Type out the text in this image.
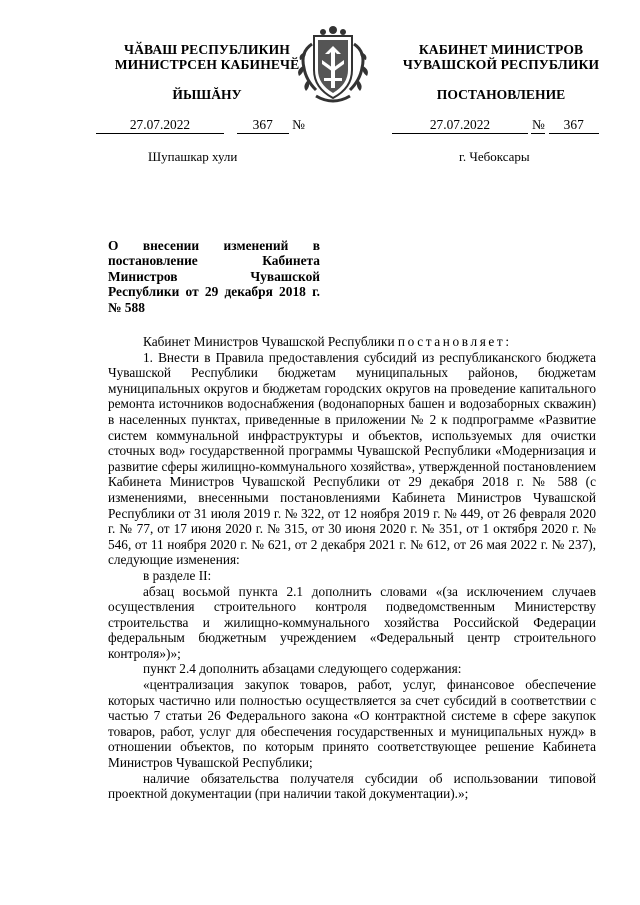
ЧӐВАШ РЕСПУБЛИКИН
МИНИСТРСЕН КАБИНЕЧӖ
ЙЫШĂНУ
КАБИНЕТ МИНИСТРОВ
ЧУВАШСКОЙ РЕСПУБЛИКИ
ПОСТАНОВЛЕНИЕ
27.07.2022	367 №	27.07.2022	№ 367
Шупашкар хули	г. Чебоксары
О внесении изменений в постановление Кабинета Министров Чувашской Республики от 29 декабря 2018 г. № 588

Кабинет Министров Чувашской Республики постановляет:

1. Внести в Правила предоставления субсидий из республиканского бюджета Чувашской Республики бюджетам муниципальных районов, бюджетам муниципальных округов и бюджетам городских округов на проведение капитального ремонта источников водоснабжения (водонапорных башен и водозаборных скважин) в населенных пунктах, приведенные в приложении № 2 к подпрограмме «Развитие систем коммунальной инфраструктуры и объектов, используемых для очистки сточных вод» государственной программы Чувашской Республики «Модернизация и развитие сферы жилищно-коммунального хозяйства», утвержденной постановлением Кабинета Министров Чувашской Республики от 29 декабря 2018 г. № 588 (с изменениями, внесенными постановлениями Кабинета Министров Чувашской Республики от 31 июля 2019 г. № 322, от 12 ноября 2019 г. № 449, от 26 февраля 2020 г. № 77, от 17 июня 2020 г. № 315, от 30 июня 2020 г. № 351, от 1 октября 2020 г. № 546, от 11 ноября 2020 г. № 621, от 2 декабря 2021 г. № 612, от 26 мая 2022 г. № 237), следующие изменения:

в разделе II:

абзац восьмой пункта 2.1 дополнить словами «(за исключением случаев осуществления строительного контроля подведомственным Министерству строительства и жилищно-коммунального хозяйства Российской Федерации федеральным бюджетным учреждением «Федеральный центр строительного контроля»)»;

пункт 2.4 дополнить абзацами следующего содержания:

«централизация закупок товаров, работ, услуг, финансовое обеспечение которых частично или полностью осуществляется за счет субсидий в соответствии с частью 7 статьи 26 Федерального закона «О контрактной системе в сфере закупок товаров, работ, услуг для обеспечения государственных и муниципальных нужд» в отношении объектов, по которым принято соответствующее решение Кабинета Министров Чувашской Республики;

наличие обязательства получателя субсидии об использовании типовой проектной документации (при наличии такой документации).»;
